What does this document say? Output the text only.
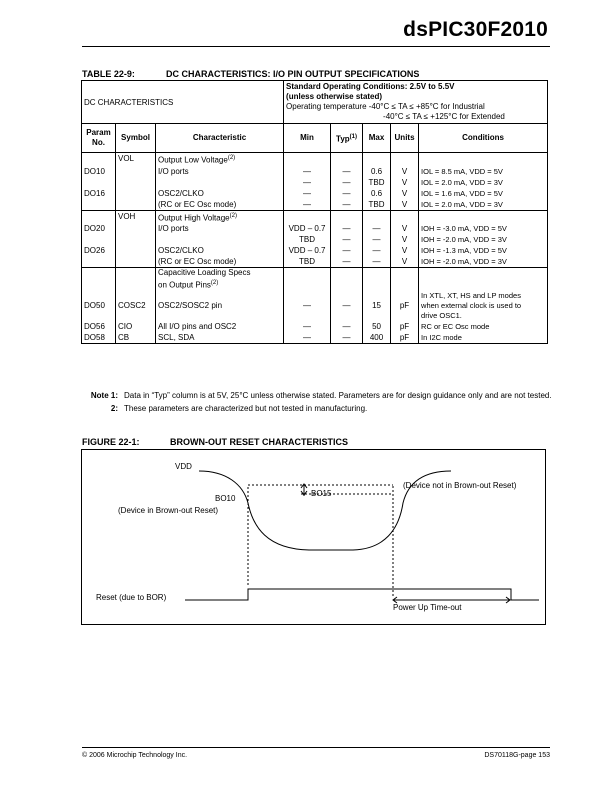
dsPIC30F2010
TABLE 22-9:	DC CHARACTERISTICS: I/O PIN OUTPUT SPECIFICATIONS
DC CHARACTERISTICS			Standard Operating Conditions: 2.5V to 5.5V
(unless otherwise stated)
Operating temperature -40°C ≤ TA ≤ +85°C for Industrial
-40°C ≤ TA ≤ +125°C for Extended				

Param No.	Symbol	Characteristic	Min	Typ$^{(1)}$	Max	Units	Conditions
	VOL	Output Low Voltage$^{(2)}$					
DO10		I/O ports	—	—	0.6	V	IOL = 8.5 mA, VDD = 5V
			—	—	TBD	V	IOL = 2.0 mA, VDD = 3V
DO16		OSC2/CLKO	—	—	0.6	V	IOL = 1.6 mA, VDD = 5V
		(RC or EC Osc mode)	—	—	TBD	V	IOL = 2.0 mA, VDD = 3V
	VOH	Output High Voltage$^{(2)}$					
DO20		I/O ports	VDD – 0.7	—	—	V	IOH = -3.0 mA, VDD = 5V
			TBD	—	—	V	IOH = -2.0 mA, VDD = 3V
DO26		OSC2/CLKO	VDD – 0.7	—	—	V	IOH = -1.3 mA, VDD = 5V
		(RC or EC Osc mode)	TBD	—	—	V	IOH = -2.0 mA, VDD = 3V

		Capacitive Loading Specs
on Output Pins$^{(2)}$

DO50	COSC2	OSC2/SOSC2 pin	—	—	15	pF	In XTL, XT, HS and LP modes
when external clock is used to
drive OSC1.

DO56	CIO	All I/O pins and OSC2	—	—	50	pF	RC or EC Osc mode
DO58	CB	SCL, SDA	—	—	400	pF	In I2C mode
Note 1: Data in “Typ” column is at 5V, 25°C unless otherwise stated. Parameters are for design guidance only and are not tested.
2: These parameters are characterized but not tested in manufacturing.
FIGURE 22-1:	BROWN-OUT RESET CHARACTERISTICS
VDD
BO10
BO15
(Device in Brown-out Reset)
(Device not in Brown-out Reset)
Reset (due to BOR)
Power Up Time-out
© 2006 Microchip Technology Inc.	DS70118G-page 153
